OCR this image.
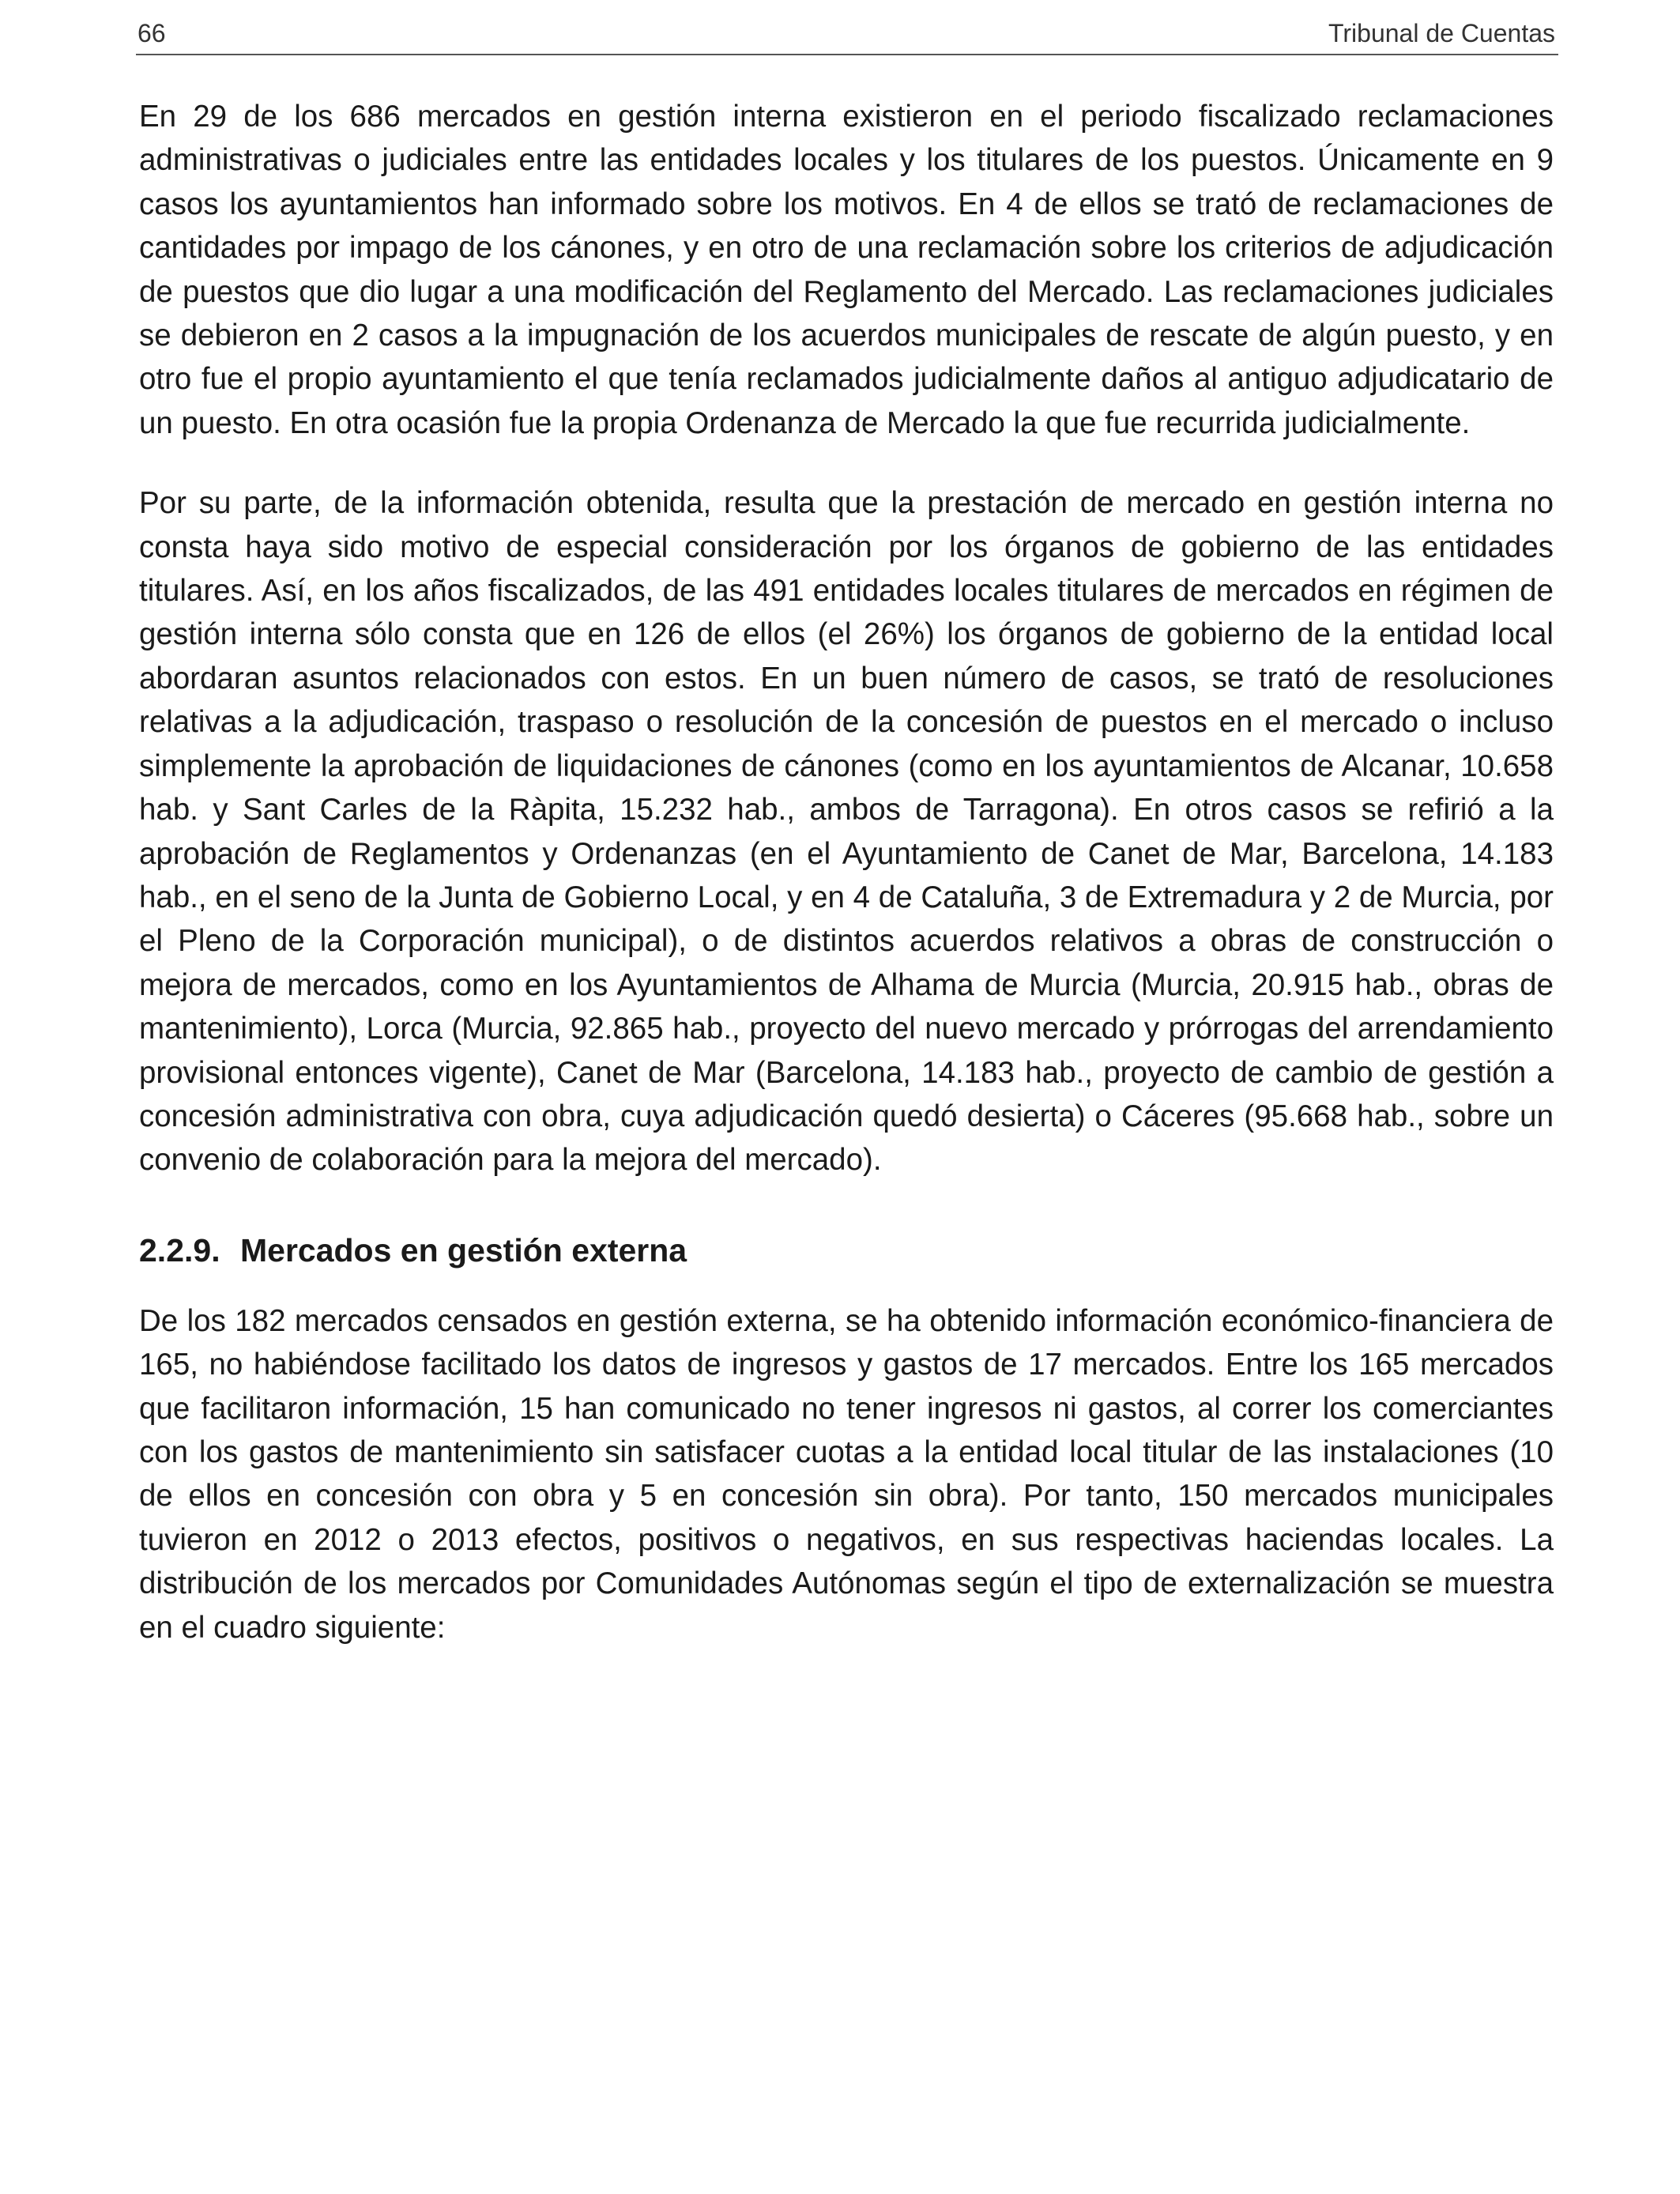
66	Tribunal de Cuentas

En 29 de los 686 mercados en gestión interna existieron en el periodo fiscalizado reclamaciones administrativas o judiciales entre las entidades locales y los titulares de los puestos. Únicamente en 9 casos los ayuntamientos han informado sobre los motivos. En 4 de ellos se trató de reclamaciones de cantidades por impago de los cánones, y en otro de una reclamación sobre los criterios de adjudicación de puestos que dio lugar a una modificación del Reglamento del Mercado. Las reclamaciones judiciales se debieron en 2 casos a la impugnación de los acuerdos municipales de rescate de algún puesto, y en otro fue el propio ayuntamiento el que tenía reclamados judicialmente daños al antiguo adjudicatario de un puesto. En otra ocasión fue la propia Ordenanza de Mercado la que fue recurrida judicialmente.

Por su parte, de la información obtenida, resulta que la prestación de mercado en gestión interna no consta haya sido motivo de especial consideración por los órganos de gobierno de las entidades titulares. Así, en los años fiscalizados, de las 491 entidades locales titulares de mercados en régimen de gestión interna sólo consta que en 126 de ellos (el 26%) los órganos de gobierno de la entidad local abordaran asuntos relacionados con estos. En un buen número de casos, se trató de resoluciones relativas a la adjudicación, traspaso o resolución de la concesión de puestos en el mercado o incluso simplemente la aprobación de liquidaciones de cánones (como en los ayuntamientos de Alcanar, 10.658 hab. y Sant Carles de la Ràpita, 15.232 hab., ambos de Tarragona). En otros casos se refirió a la aprobación de Reglamentos y Ordenanzas (en el Ayuntamiento de Canet de Mar, Barcelona, 14.183 hab., en el seno de la Junta de Gobierno Local, y en 4 de Cataluña, 3 de Extremadura y 2 de Murcia, por el Pleno de la Corporación municipal), o de distintos acuerdos relativos a obras de construcción o mejora de mercados, como en los Ayuntamientos de Alhama de Murcia (Murcia, 20.915 hab., obras de mantenimiento), Lorca (Murcia, 92.865 hab., proyecto del nuevo mercado y prórrogas del arrendamiento provisional entonces vigente), Canet de Mar (Barcelona, 14.183 hab., proyecto de cambio de gestión a concesión administrativa con obra, cuya adjudicación quedó desierta) o Cáceres (95.668 hab., sobre un convenio de colaboración para la mejora del mercado).

2.2.9. Mercados en gestión externa

De los 182 mercados censados en gestión externa, se ha obtenido información económico-financiera de 165, no habiéndose facilitado los datos de ingresos y gastos de 17 mercados. Entre los 165 mercados que facilitaron información, 15 han comunicado no tener ingresos ni gastos, al correr los comerciantes con los gastos de mantenimiento sin satisfacer cuotas a la entidad local titular de las instalaciones (10 de ellos en concesión con obra y 5 en concesión sin obra). Por tanto, 150 mercados municipales tuvieron en 2012 o 2013 efectos, positivos o negativos, en sus respectivas haciendas locales. La distribución de los mercados por Comunidades Autónomas según el tipo de externalización se muestra en el cuadro siguiente:
